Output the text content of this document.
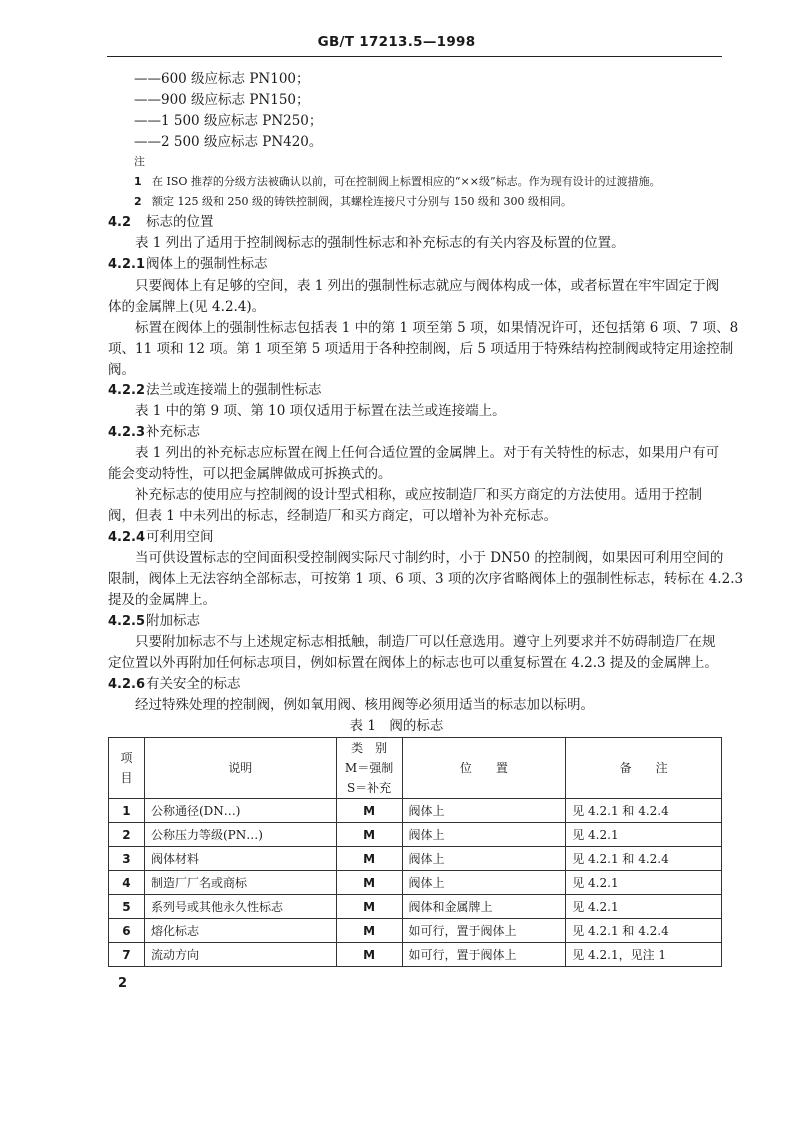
GB/T 17213.5—1998
——600 级应标志 PN100；
——900 级应标志 PN150；
——1 500 级应标志 PN250；
——2 500 级应标志 PN420。
注
1 在 ISO 推荐的分级方法被确认以前，可在控制阀上标置相应的“××级”标志。作为现有设计的过渡措施。
2 额定 125 级和 250 级的铸铁控制阀，其螺栓连接尺寸分别与 150 级和 300 级相同。
4.2 标志的位置
表 1 列出了适用于控制阀标志的强制性标志和补充标志的有关内容及标置的位置。
4.2.1阀体上的强制性标志
只要阀体上有足够的空间，表 1 列出的强制性标志就应与阀体构成一体，或者标置在牢牢固定于阀
体的金属牌上(见 4.2.4)。
标置在阀体上的强制性标志包括表 1 中的第 1 项至第 5 项，如果情况许可，还包括第 6 项、7 项、8
项、11 项和 12 项。第 1 项至第 5 项适用于各种控制阀，后 5 项适用于特殊结构控制阀或特定用途控制
阀。
4.2.2法兰或连接端上的强制性标志
表 1 中的第 9 项、第 10 项仅适用于标置在法兰或连接端上。
4.2.3补充标志
表 1 列出的补充标志应标置在阀上任何合适位置的金属牌上。对于有关特性的标志，如果用户有可
能会变动特性，可以把金属牌做成可拆换式的。
补充标志的使用应与控制阀的设计型式相称，或应按制造厂和买方商定的方法使用。适用于控制
阀，但表 1 中未列出的标志，经制造厂和买方商定，可以增补为补充标志。
4.2.4可利用空间
当可供设置标志的空间面积受控制阀实际尺寸制约时，小于 DN50 的控制阀，如果因可利用空间的
限制，阀体上无法容纳全部标志，可按第 1 项、6 项、3 项的次序省略阀体上的强制性标志，转标在 4.2.3
提及的金属牌上。
4.2.5附加标志
只要附加标志不与上述规定标志相抵触，制造厂可以任意选用。遵守上列要求并不妨碍制造厂在规
定位置以外再附加任何标志项目，例如标置在阀体上的标志也可以重复标置在 4.2.3 提及的金属牌上。
4.2.6有关安全的标志
经过特殊处理的控制阀，例如氧用阀、核用阀等必须用适当的标志加以标明。
表 1　阀的标志
项目	说明	类　别
M＝强制
S＝补充	位　　置	备　　注
1	公称通径(DN…)	M	阀体上	见 4.2.1 和 4.2.4
2	公称压力等级(PN…)	M	阀体上	见 4.2.1
3	阀体材料	M	阀体上	见 4.2.1 和 4.2.4
4	制造厂厂名或商标	M	阀体上	见 4.2.1
5	系列号或其他永久性标志	M	阀体和金属牌上	见 4.2.1
6	熔化标志	M	如可行，置于阀体上	见 4.2.1 和 4.2.4
7	流动方向	M	如可行，置于阀体上	见 4.2.1，见注 1
2
